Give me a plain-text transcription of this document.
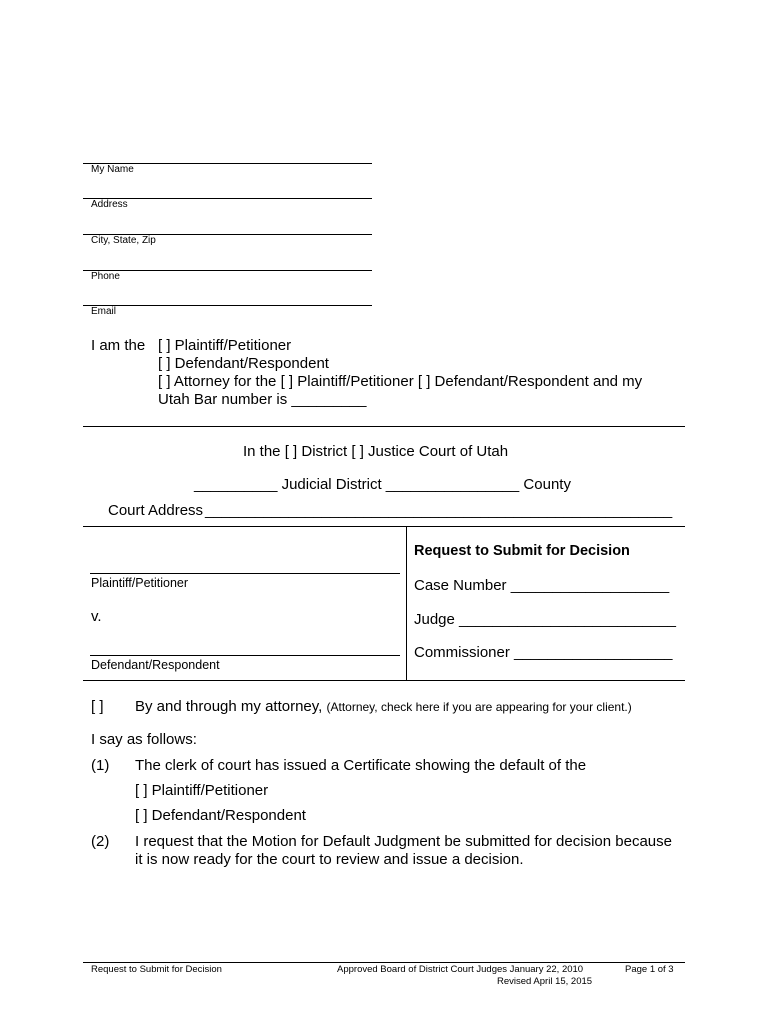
My Name
Address
City, State, Zip
Phone
Email
I am the [ ] Plaintiff/Petitioner
[ ] Defendant/Respondent
[ ] Attorney for the [ ] Plaintiff/Petitioner [ ] Defendant/Respondent and my
Utah Bar number is _________
In the [ ] District [ ] Justice Court of Utah
__________ Judicial District ________________ County
Court Address ________________________________________________________
Plaintiff/Petitioner
v.
Defendant/Respondent
Request to Submit for Decision
Case Number ___________________
Judge __________________________
Commissioner ___________________
[ ] By and through my attorney, (Attorney, check here if you are appearing for your client.)
I say as follows:
(1) The clerk of court has issued a Certificate showing the default of the
[ ] Plaintiff/Petitioner
[ ] Defendant/Respondent
(2) I request that the Motion for Default Judgment be submitted for decision because
it is now ready for the court to review and issue a decision.
Request to Submit for Decision	Approved Board of District Court Judges January 22, 2010	Page 1 of 3
Revised April 15, 2015
